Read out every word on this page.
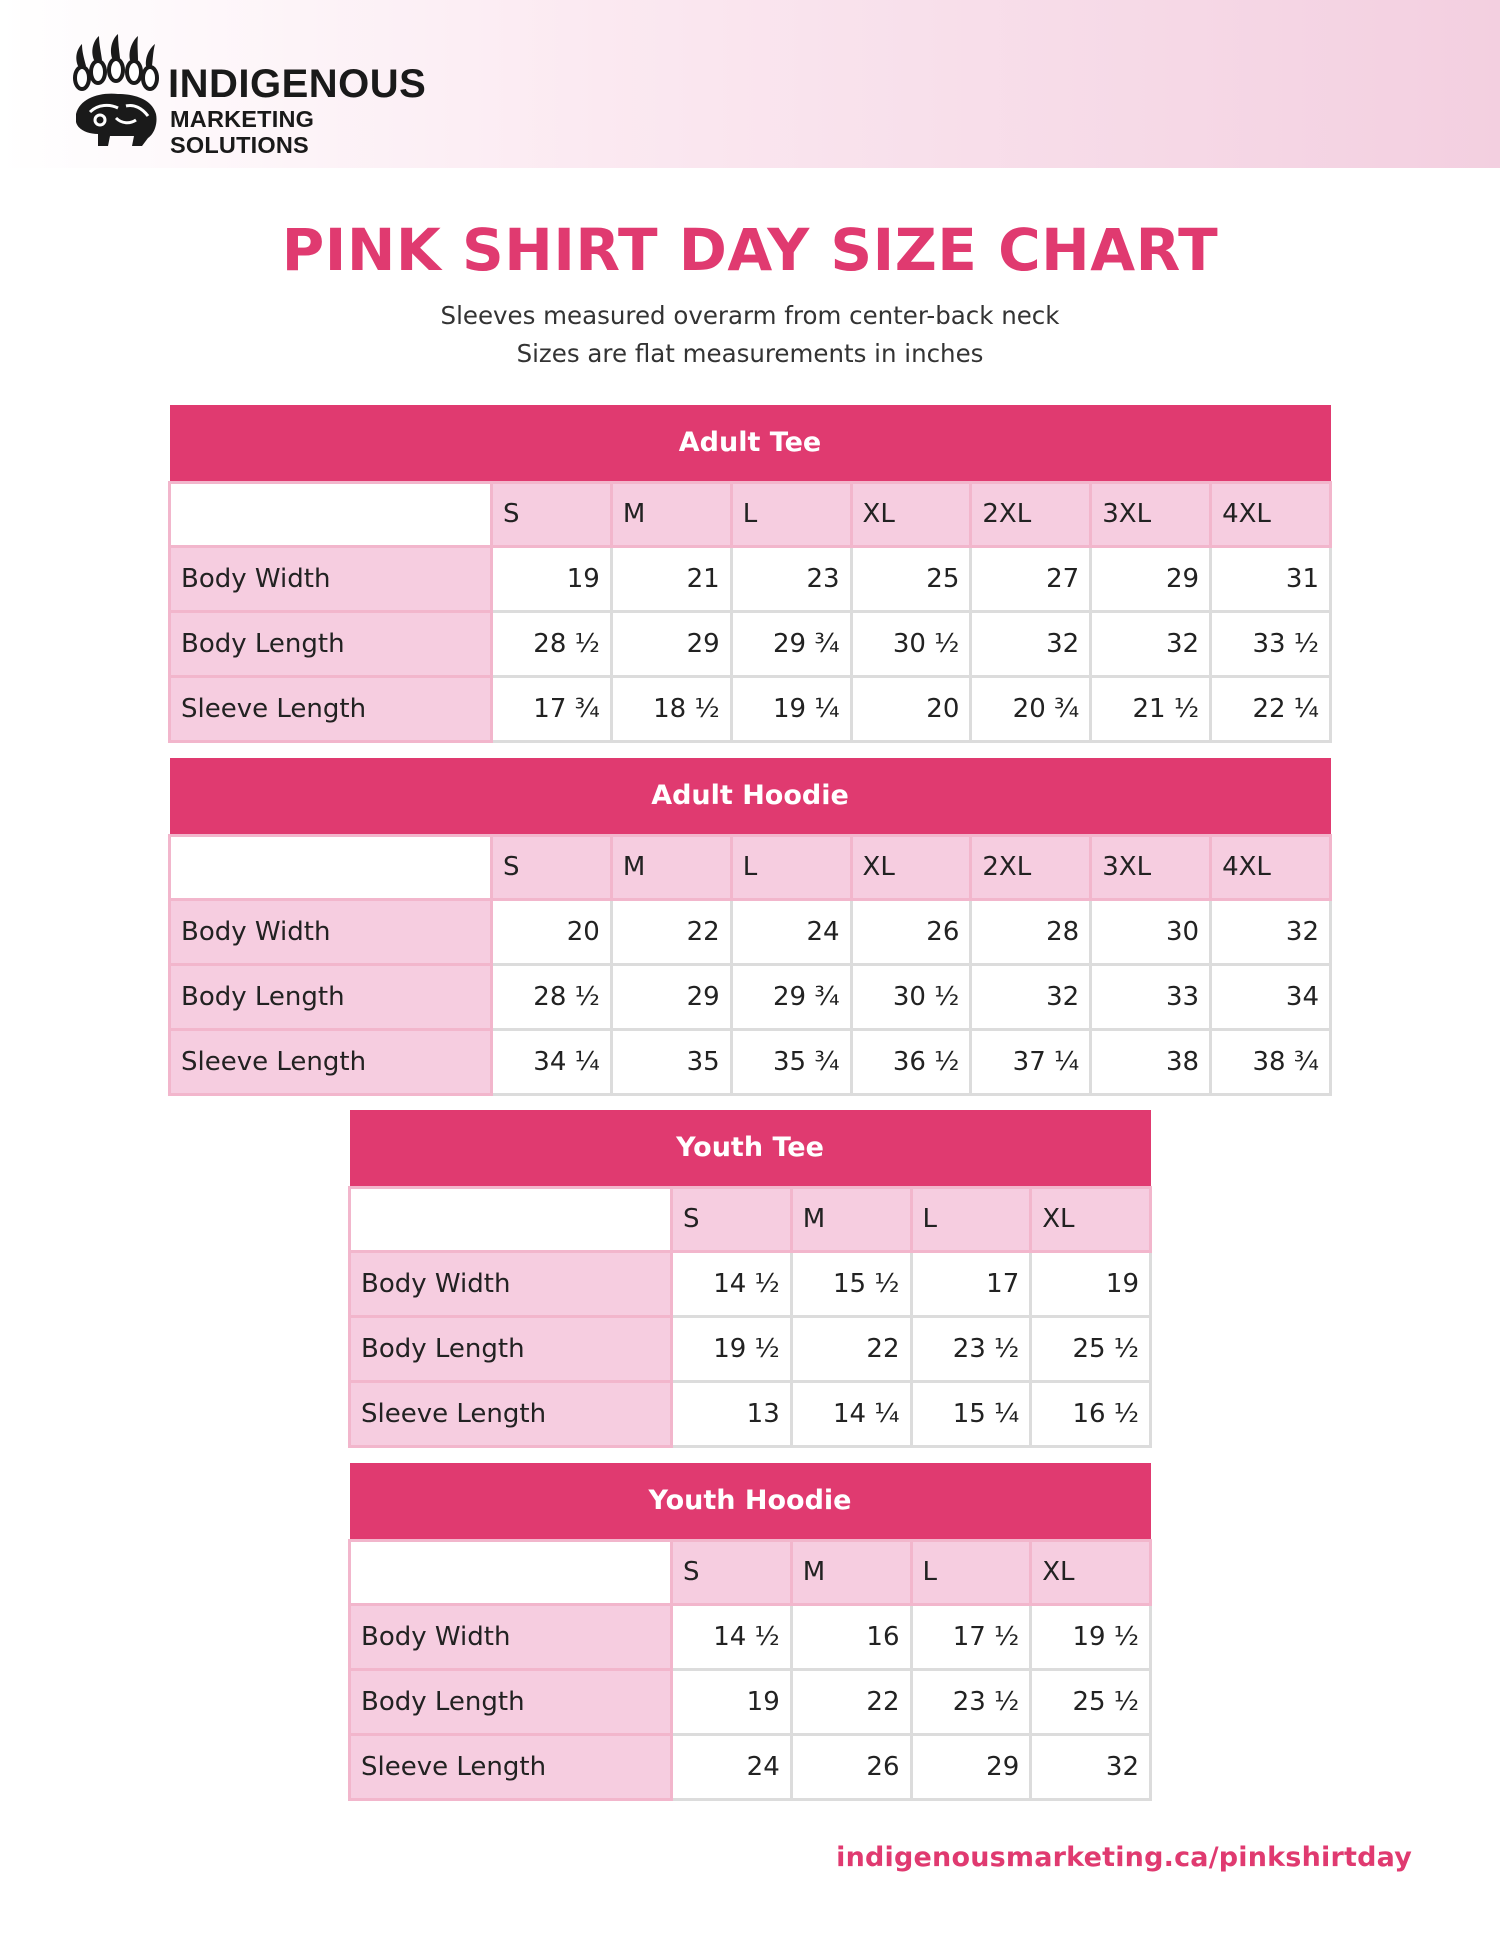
INDIGENOUS
MARKETING SOLUTIONS
PINK SHIRT DAY SIZE CHART
Sleeves measured overarm from center-back neck
Sizes are flat measurements in inches
Adult Tee							
	S	M	L	XL	2XL	3XL	4XL
Body Width	19	21	23	25	27	29	31
Body Length	28 ½	29	29 ¾	30 ½	32	32	33 ½
Sleeve Length	17 ¾	18 ½	19 ¼	20	20 ¾	21 ½	22 ¼
Adult Hoodie							
	S	M	L	XL	2XL	3XL	4XL
Body Width	20	22	24	26	28	30	32
Body Length	28 ½	29	29 ¾	30 ½	32	33	34
Sleeve Length	34 ¼	35	35 ¾	36 ½	37 ¼	38	38 ¾
Youth Tee				
	S	M	L	XL
Body Width	14 ½	15 ½	17	19
Body Length	19 ½	22	23 ½	25 ½
Sleeve Length	13	14 ¼	15 ¼	16 ½
Youth Hoodie				
	S	M	L	XL
Body Width	14 ½	16	17 ½	19 ½
Body Length	19	22	23 ½	25 ½
Sleeve Length	24	26	29	32
indigenousmarketing.ca/pinkshirtday
